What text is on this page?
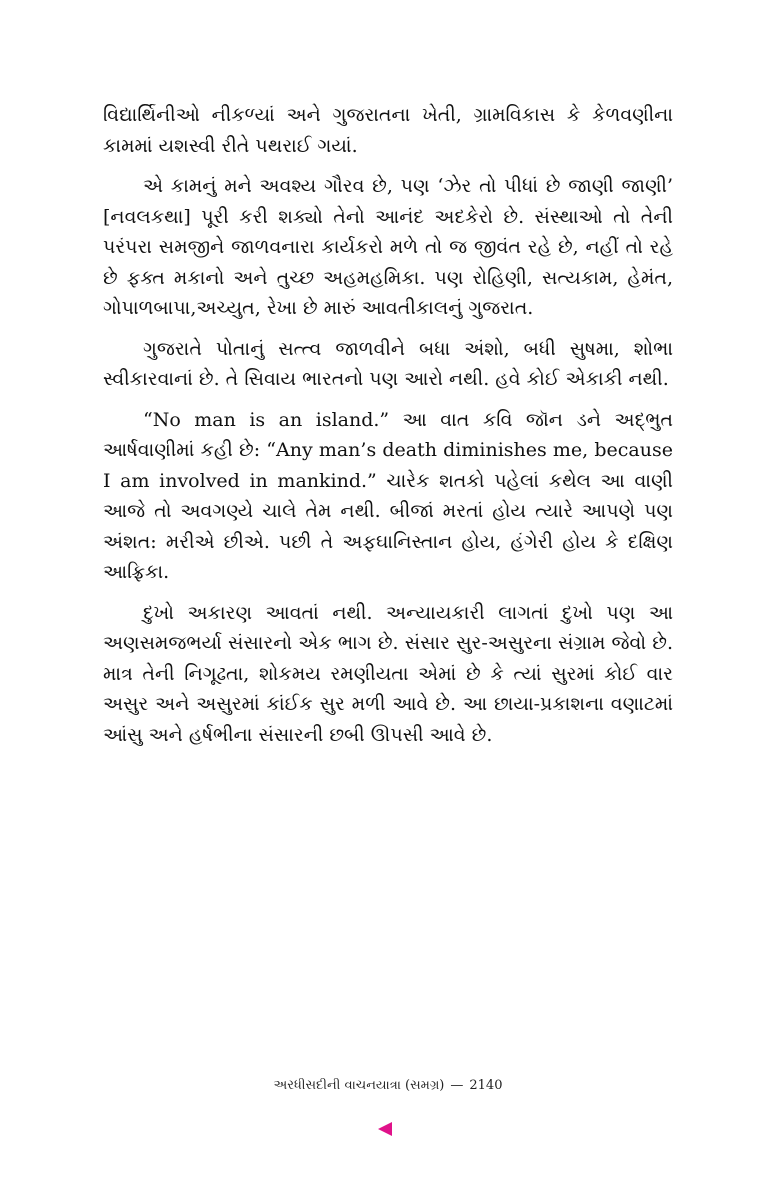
વિદ્યાર્થિનીઓ નીકળ્યાં અને ગુજરાતના ખેતી, ગ્રામવિકાસ કે કેળવણીના કામમાં યશસ્વી રીતે પથરાઈ ગયાં.

એ કામનું મને અવશ્ય ગૌરવ છે, પણ ‘ઝેર તો પીધાં છે જાણી જાણી’ [નવલકથા] પૂરી કરી શક્યો તેનો આનંદ અદકેરો છે. સંસ્થાઓ તો તેની પરંપરા સમજીને જાળવનારા કાર્યકરો મળે તો જ જીવંત રહે છે, નહીં તો રહે છે ફક્ત મકાનો અને તુચ્છ અહમહમિકા. પણ રોહિણી, સત્યકામ, હેમંત, ગોપાળબાપા,અચ્યુત, રેખા છે મારું આવતીકાલનું ગુજરાત.

ગુજરાતે પોતાનું સત્ત્વ જાળવીને બધા અંશો, બધી સુષમા, શોભા સ્વીકારવાનાં છે. તે સિવાય ભારતનો પણ આરો નથી. હવે કોઈ એકાકી નથી.

“No man is an island.” આ વાત કવિ જૉન ડને અદ્ભુત આર્ષવાણીમાં કહી છે: “Any man’s death diminishes me, because I am involved in mankind.” ચારેક શતકો પહેલાં કથેલ આ વાણી આજે તો અવગણ્યે ચાલે તેમ નથી. બીજાં મરતાં હોય ત્યારે આપણે પણ અંશત: મરીએ છીએ. પછી તે અફઘાનિસ્તાન હોય, હંગેરી હોય કે દક્ષિણ આફ્રિકા.

દુખો અકારણ આવતાં નથી. અન્યાયકારી લાગતાં દુખો પણ આ અણસમજભર્યા સંસારનો એક ભાગ છે. સંસાર સુર-અસુરના સંગ્રામ જેવો છે. માત્ર તેની નિગૂઢતા, શોકમય રમણીયતા એમાં છે કે ત્યાં સુરમાં કોઈ વાર અસુર અને અસુરમાં કાંઈક સુર મળી આવે છે. આ છાયા-પ્રકાશના વણાટમાં આંસુ અને હર્ષભીના સંસારની છબી ઊપસી આવે છે.

અરધીસદીની વાચનયાત્રા (સમગ્ર) — 2140
